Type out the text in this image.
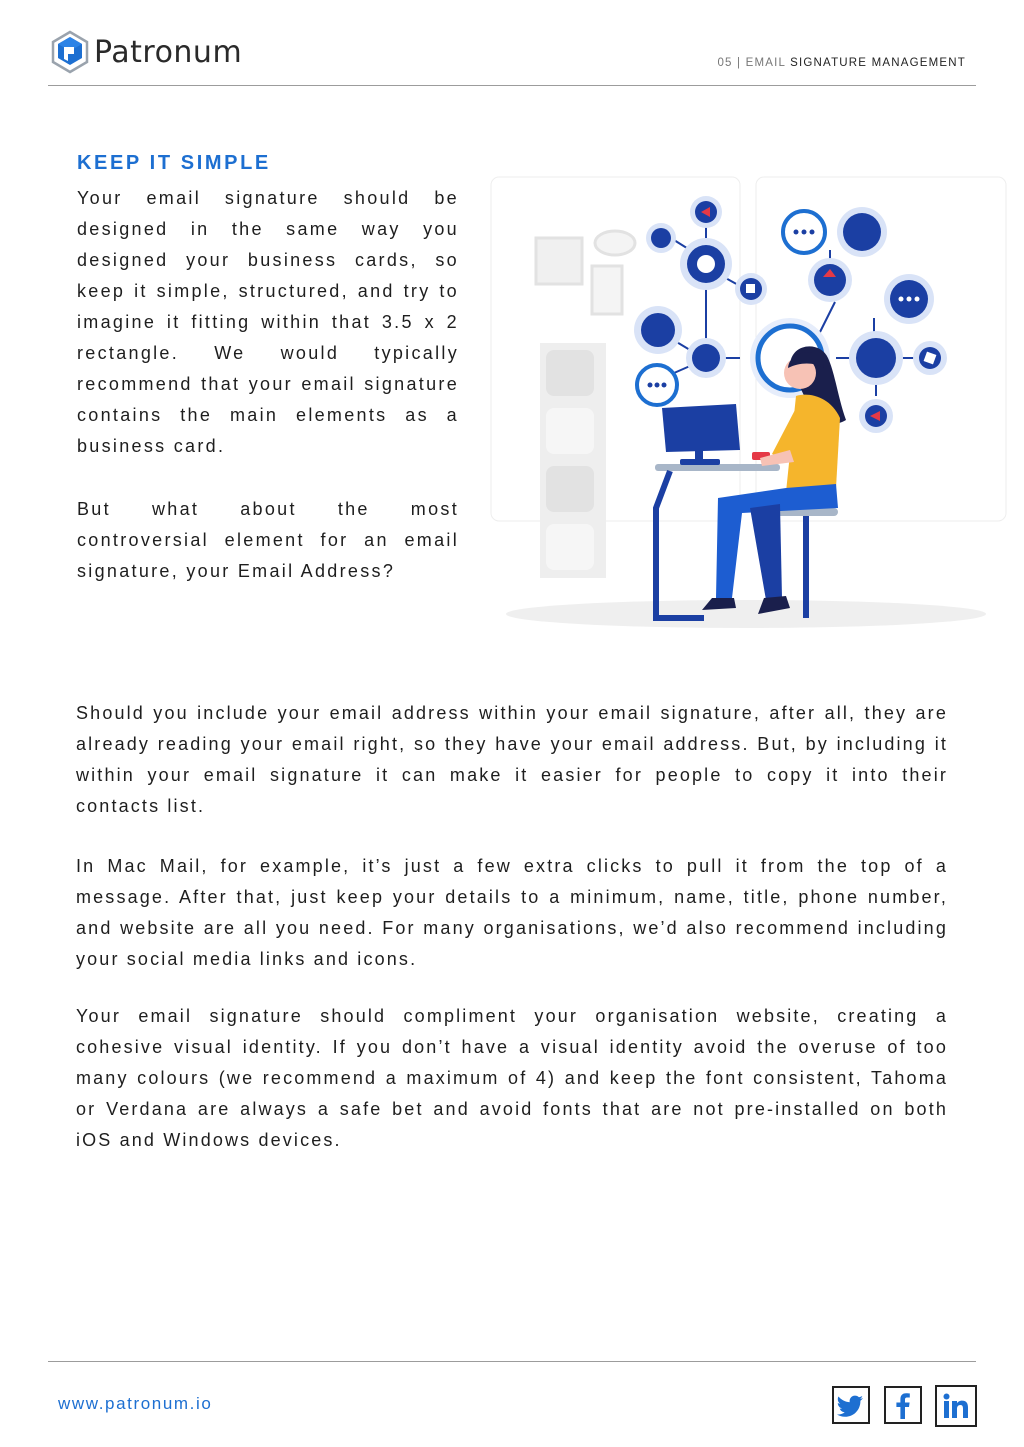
Patronum	05 | EMAIL SIGNATURE MANAGEMENT
KEEP IT SIMPLE

Your email signature should be designed in the same way you designed your business cards, so keep it simple, structured, and try to imagine it fitting within that 3.5 x 2 rectangle. We would typically recommend that your email signature contains the main elements as a business card.

But what about the most controversial element for an email signature, your Email Address?

Should you include your email address within your email signature, after all, they are already reading your email right, so they have your email address. But, by including it within your email signature it can make it easier for people to copy it into their contacts list.

In Mac Mail, for example, it’s just a few extra clicks to pull it from the top of a message. After that, just keep your details to a minimum, name, title, phone number, and website are all you need. For many organisations, we’d also recommend including your social media links and icons.

Your email signature should compliment your organisation website, creating a cohesive visual identity. If you don’t have a visual identity avoid the overuse of too many colours (we recommend a maximum of 4) and keep the font consistent, Tahoma or Verdana are always a safe bet and avoid fonts that are not pre-installed on both iOS and Windows devices.

www.patronum.io
